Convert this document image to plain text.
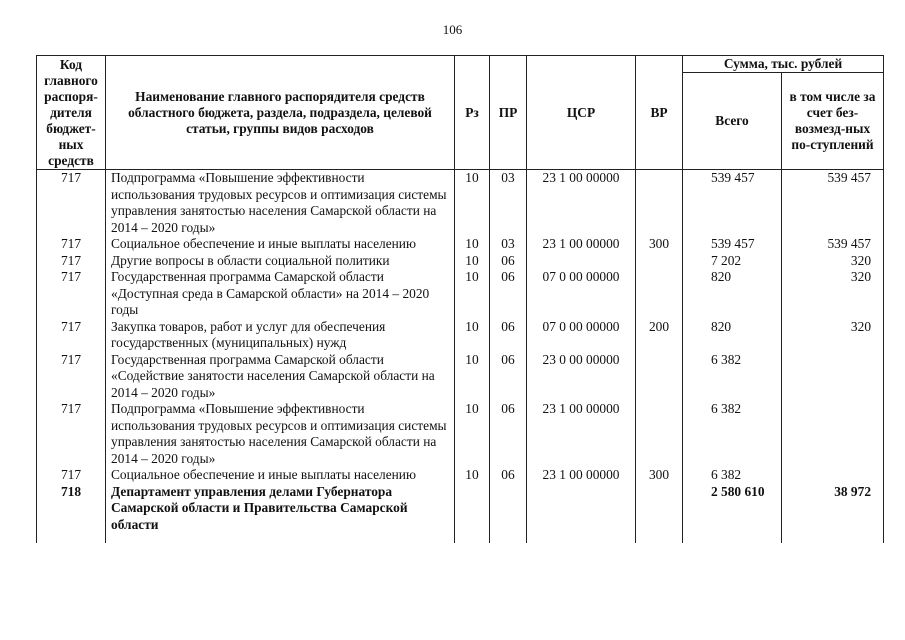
106
Код главного распоря-дителя бюджет-ных средств	Наименование главного распорядителя средств областного бюджета, раздела, подраздела, целевой статьи, группы видов расходов	Рз	ПР	ЦСР	ВР	Сумма, тыс. рублей	
						Всего	в том числе за счет без-возмезд-ных по-ступлений
717	Подпрограмма «Повышение эффективности использования трудовых ресурсов и оптимизация системы управления занятостью населения Самарской области на 2014 – 2020 годы»	10	03	23 1 00 00000		539 457	539 457
717	Социальное обеспечение и иные выплаты населению	10	03	23 1 00 00000	300	539 457	539 457
717	Другие вопросы в области социальной политики	10	06			7 202	320
717	Государственная программа Самарской области «Доступная среда в Самарской области» на 2014 – 2020 годы	10	06	07 0 00 00000		820	320
717	Закупка товаров, работ и услуг для обеспечения государственных (муниципальных) нужд	10	06	07 0 00 00000	200	820	320
717	Государственная программа Самарской области «Содействие занятости населения Самарской области на 2014 – 2020 годы»	10	06	23 0 00 00000		6 382	
717	Подпрограмма «Повышение эффективности использования трудовых ресурсов и оптимизация системы управления занятостью населения Самарской области на 2014 – 2020 годы»	10	06	23 1 00 00000		6 382	
717	Социальное обеспечение и иные выплаты населению	10	06	23 1 00 00000	300	6 382	
718	Департамент управления делами Губернатора Самарской области и Правительства Самарской области					2 580 610	38 972
